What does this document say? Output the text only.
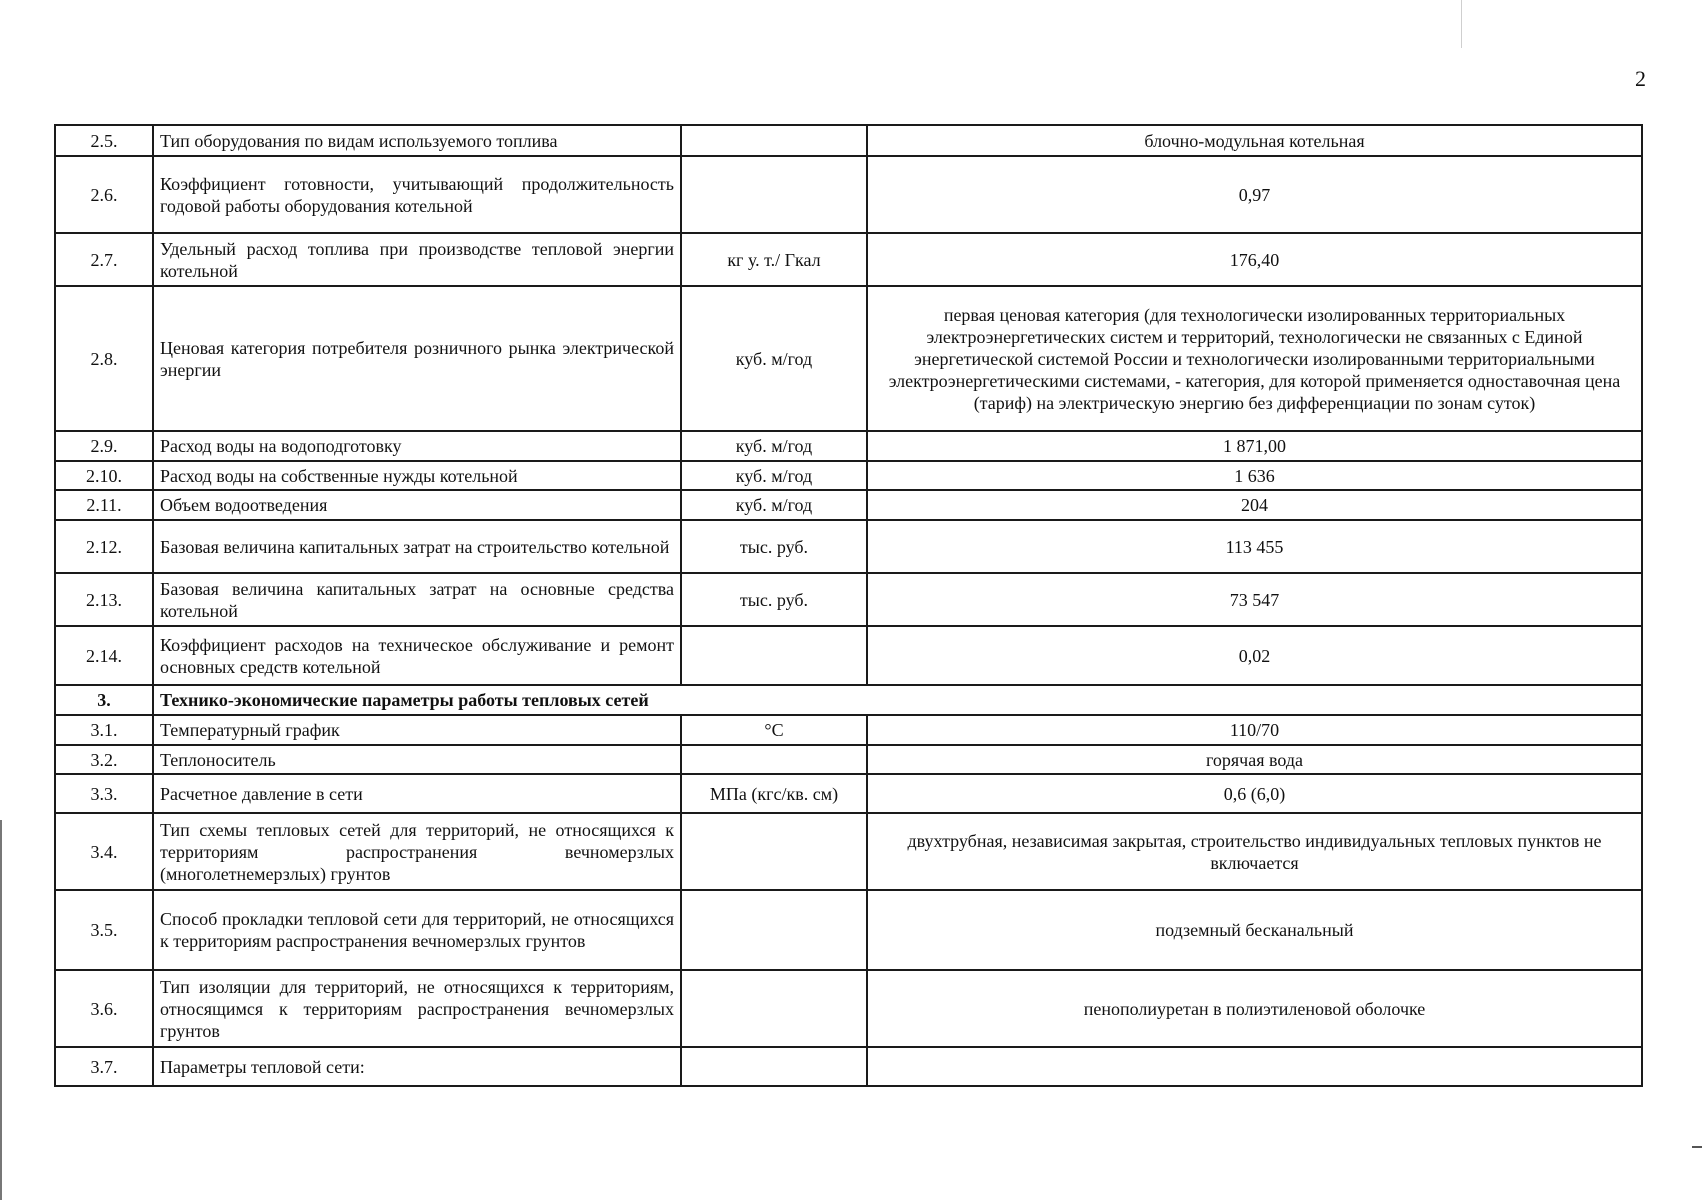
2
2.5.	Тип оборудования по видам используемого топлива		блочно-модульная котельная
2.6.	Коэффициент готовности, учитывающий продолжительность годовой работы оборудования котельной		0,97
2.7.	Удельный расход топлива при производстве тепловой энергии котельной	кг у. т./ Гкал	176,40
2.8.	Ценовая категория потребителя розничного рынка электрической энергии	куб. м/год	первая ценовая категория (для технологически изолированных территориальных электроэнергетических систем и территорий, технологически не связанных с Единой энергетической системой России и технологически изолированными территориальными электроэнергетическими системами, - категория, для которой применяется одноставочная цена (тариф) на электрическую энергию без дифференциации по зонам суток)
2.9.	Расход воды на водоподготовку	куб. м/год	1 871,00
2.10.	Расход воды на собственные нужды котельной	куб. м/год	1 636
2.11.	Объем водоотведения	куб. м/год	204
2.12.	Базовая величина капитальных затрат на строительство котельной	тыс. руб.	113 455
2.13.	Базовая величина капитальных затрат на основные средства котельной	тыс. руб.	73 547
2.14.	Коэффициент расходов на техническое обслуживание и ремонт основных средств котельной		0,02
3.	Технико-экономические параметры работы тепловых сетей		
3.1.	Температурный график	°С	110/70
3.2.	Теплоноситель		горячая вода
3.3.	Расчетное давление в сети	МПа (кгс/кв. см)	0,6 (6,0)
3.4.	Тип схемы тепловых сетей для территорий, не относящихся к территориям распространения вечномерзлых (многолетнемерзлых) грунтов		двухтрубная, независимая закрытая, строительство индивидуальных тепловых пунктов не включается
3.5.	Способ прокладки тепловой сети для территорий, не относящихся к территориям распространения вечномерзлых грунтов		подземный бесканальный
3.6.	Тип изоляции для территорий, не относящихся к территориям, относящимся к территориям распространения вечномерзлых грунтов		пенополиуретан в полиэтиленовой оболочке
3.7.	Параметры тепловой сети:		
